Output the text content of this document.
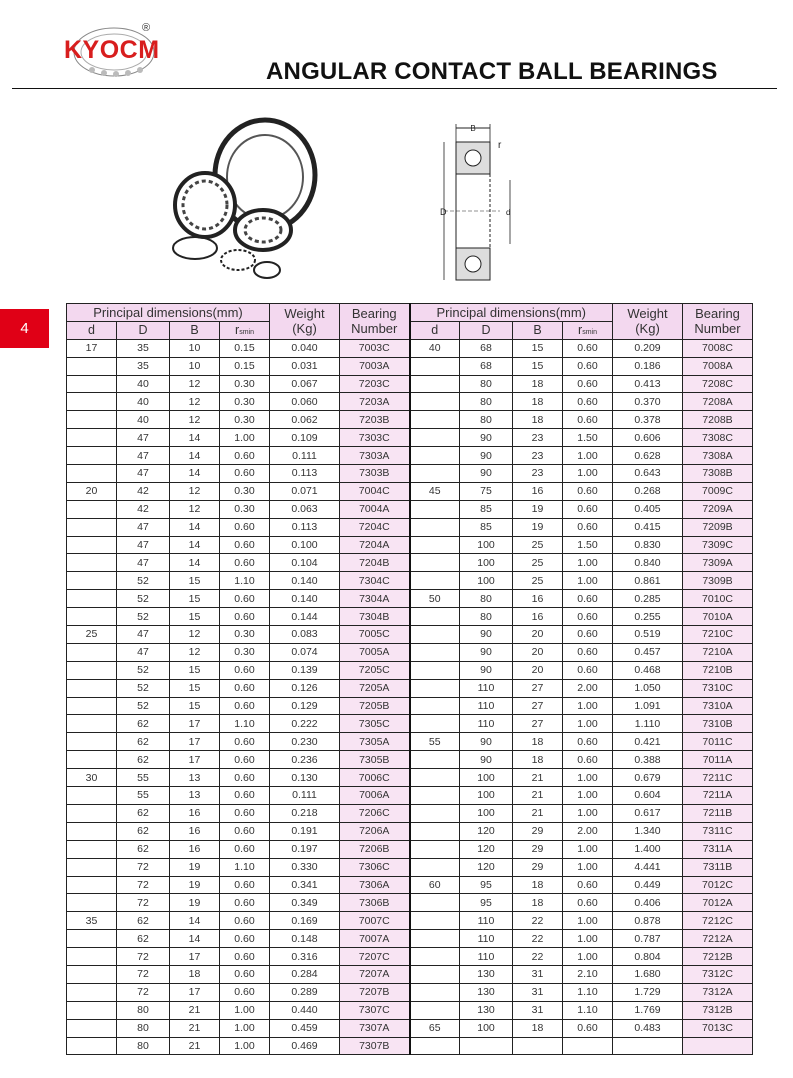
KYOCM
®
ANGULAR CONTACT BALL BEARINGS
4
B
r
D	d
Principal dimensions(mm)				Weight
(Kg)	Bearing
Number	Principal dimensions(mm)				Weight
(Kg)	Bearing
Number
d	D	B	rsmin			d	D	B	rsmin		
17	35	10	0.15	0.040	7003C	40	68	15	0.60	0.209	7008C
	35	10	0.15	0.031	7003A		68	15	0.60	0.186	7008A
	40	12	0.30	0.067	7203C		80	18	0.60	0.413	7208C
	40	12	0.30	0.060	7203A		80	18	0.60	0.370	7208A
	40	12	0.30	0.062	7203B		80	18	0.60	0.378	7208B
	47	14	1.00	0.109	7303C		90	23	1.50	0.606	7308C
	47	14	0.60	0.111	7303A		90	23	1.00	0.628	7308A
	47	14	0.60	0.113	7303B		90	23	1.00	0.643	7308B
20	42	12	0.30	0.071	7004C	45	75	16	0.60	0.268	7009C
	42	12	0.30	0.063	7004A		85	19	0.60	0.405	7209A
	47	14	0.60	0.113	7204C		85	19	0.60	0.415	7209B
	47	14	0.60	0.100	7204A		100	25	1.50	0.830	7309C
	47	14	0.60	0.104	7204B		100	25	1.00	0.840	7309A
	52	15	1.10	0.140	7304C		100	25	1.00	0.861	7309B
	52	15	0.60	0.140	7304A	50	80	16	0.60	0.285	7010C
	52	15	0.60	0.144	7304B		80	16	0.60	0.255	7010A
25	47	12	0.30	0.083	7005C		90	20	0.60	0.519	7210C
	47	12	0.30	0.074	7005A		90	20	0.60	0.457	7210A
	52	15	0.60	0.139	7205C		90	20	0.60	0.468	7210B
	52	15	0.60	0.126	7205A		110	27	2.00	1.050	7310C
	52	15	0.60	0.129	7205B		110	27	1.00	1.091	7310A
	62	17	1.10	0.222	7305C		110	27	1.00	1.110	7310B
	62	17	0.60	0.230	7305A	55	90	18	0.60	0.421	7011C
	62	17	0.60	0.236	7305B		90	18	0.60	0.388	7011A
30	55	13	0.60	0.130	7006C		100	21	1.00	0.679	7211C
	55	13	0.60	0.111	7006A		100	21	1.00	0.604	7211A
	62	16	0.60	0.218	7206C		100	21	1.00	0.617	7211B
	62	16	0.60	0.191	7206A		120	29	2.00	1.340	7311C
	62	16	0.60	0.197	7206B		120	29	1.00	1.400	7311A
	72	19	1.10	0.330	7306C		120	29	1.00	4.441	7311B
	72	19	0.60	0.341	7306A	60	95	18	0.60	0.449	7012C
	72	19	0.60	0.349	7306B		95	18	0.60	0.406	7012A
35	62	14	0.60	0.169	7007C		110	22	1.00	0.878	7212C
	62	14	0.60	0.148	7007A		110	22	1.00	0.787	7212A
	72	17	0.60	0.316	7207C		110	22	1.00	0.804	7212B
	72	18	0.60	0.284	7207A		130	31	2.10	1.680	7312C
	72	17	0.60	0.289	7207B		130	31	1.10	1.729	7312A
	80	21	1.00	0.440	7307C		130	31	1.10	1.769	7312B
	80	21	1.00	0.459	7307A	65	100	18	0.60	0.483	7013C
	80	21	1.00	0.469	7307B						
